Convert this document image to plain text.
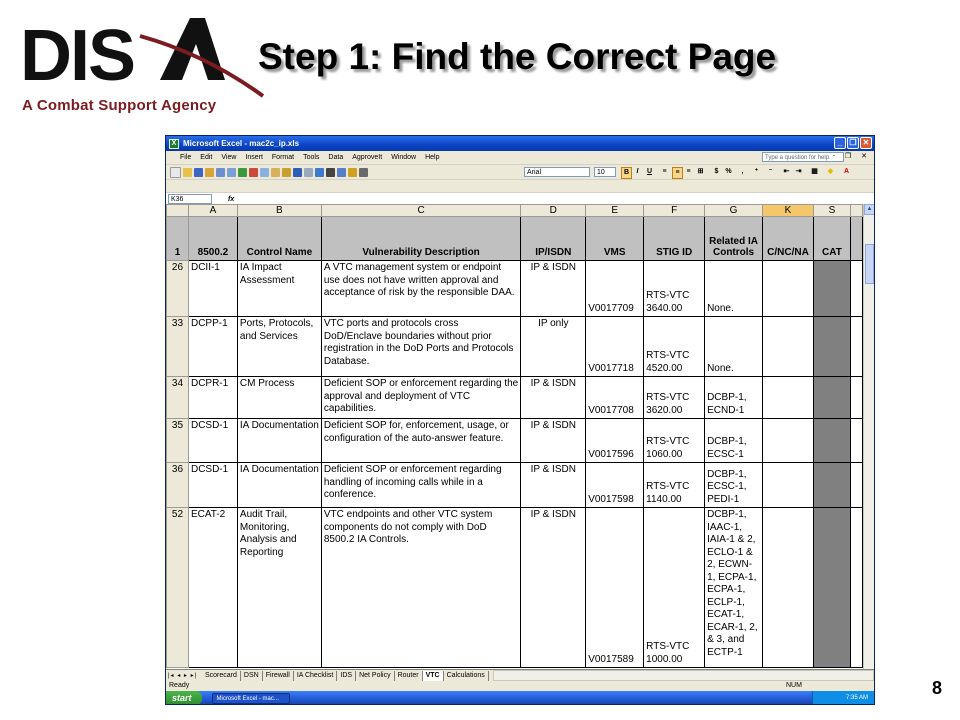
DIS
A Combat Support Agency
Step 1: Find the Correct Page
X Microsoft Excel - mac2c_ip.xls	_ ❐ ✕
File Edit View Insert Format Tools Data AgproveIt Window Help	Type a question for help - ❐ ✕
Arial	10	B	I	U	≡	≡ ≡	⊞	$ %	,	⁺	⁻	⇤ ⇥ ▦ ◆ A
K36	fx
	A	B	C	D	E	F	G	K	S	
1	8500.2	Control Name	Vulnerability Description	IP/ISDN	VMS	STIG ID	Related IA Controls	C/NC/NA	CAT	
26	DCII-1	IA Impact Assessment	A VTC management system or endpoint use does not have written approval and acceptance of risk by the responsible DAA.	IP & ISDN	V0017709	RTS-VTC 3640.00	None.			
33	DCPP-1	Ports, Protocols, and Services	VTC ports and protocols cross DoD/Enclave boundaries without prior registration in the DoD Ports and Protocols Database.	IP only	V0017718	RTS-VTC 4520.00	None.			
34	DCPR-1	CM Process	Deficient SOP or enforcement regarding the approval and deployment of VTC capabilities.	IP & ISDN	V0017708	RTS-VTC 3620.00	DCBP-1, ECND-1			
35	DCSD-1	IA Documentation	Deficient SOP for, enforcement, usage, or configuration of the auto-answer feature.	IP & ISDN	V0017596	RTS-VTC 1060.00	DCBP-1, ECSC-1			
36	DCSD-1	IA Documentation	Deficient SOP or enforcement regarding handling of incoming calls while in a conference.	IP & ISDN	V0017598	RTS-VTC 1140.00	DCBP-1, ECSC-1, PEDI-1			
52	ECAT-2	Audit Trail, Monitoring, Analysis and Reporting	VTC endpoints and other VTC system components do not comply with DoD 8500.2 IA Controls.	IP & ISDN	V0017589	RTS-VTC 1000.00	DCBP-1, IAAC-1, IAIA-1 & 2, ECLO-1 & 2, ECWN-1, ECPA-1, ECPA-1, ECLP-1, ECAT-1, ECAR-1, 2, & 3, and ECTP-1			
▲
|◂ ◂ ▸ ▸|	Scorecard	DSN	Firewall	IA Checklist	IDS	Net Policy	Router	VTC	Calculations
Ready	NUM
start	Microsoft Excel - mac...	7:35 AM	8
